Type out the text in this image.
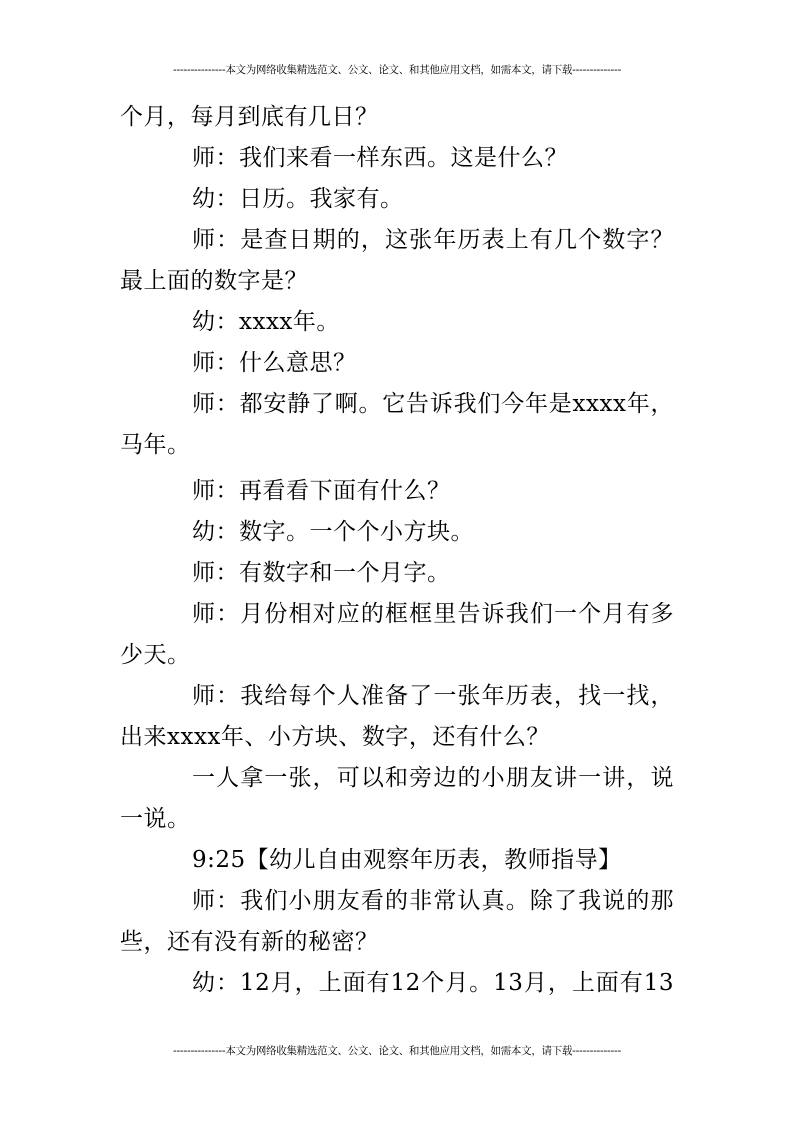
---------------本文为网络收集精选范文、公文、论文、和其他应用文档，如需本文，请下载--------------
个月，每月到底有几日？
师：我们来看一样东西。这是什么？
幼：日历。我家有。
师：是查日期的，这张年历表上有几个数字？
最上面的数字是？
幼：xxxx年。
师：什么意思？
师：都安静了啊。它告诉我们今年是xxxx年，
马年。
师：再看看下面有什么？
幼：数字。一个个小方块。
师：有数字和一个月字。
师：月份相对应的框框里告诉我们一个月有多
少天。
师：我给每个人准备了一张年历表，找一找，
出来xxxx年、小方块、数字，还有什么？
一人拿一张，可以和旁边的小朋友讲一讲，说
一说。
9:25【幼儿自由观察年历表，教师指导】
师：我们小朋友看的非常认真。除了我说的那
些，还有没有新的秘密？
幼：12月，上面有12个月。13月，上面有13
---------------本文为网络收集精选范文、公文、论文、和其他应用文档，如需本文，请下载--------------
